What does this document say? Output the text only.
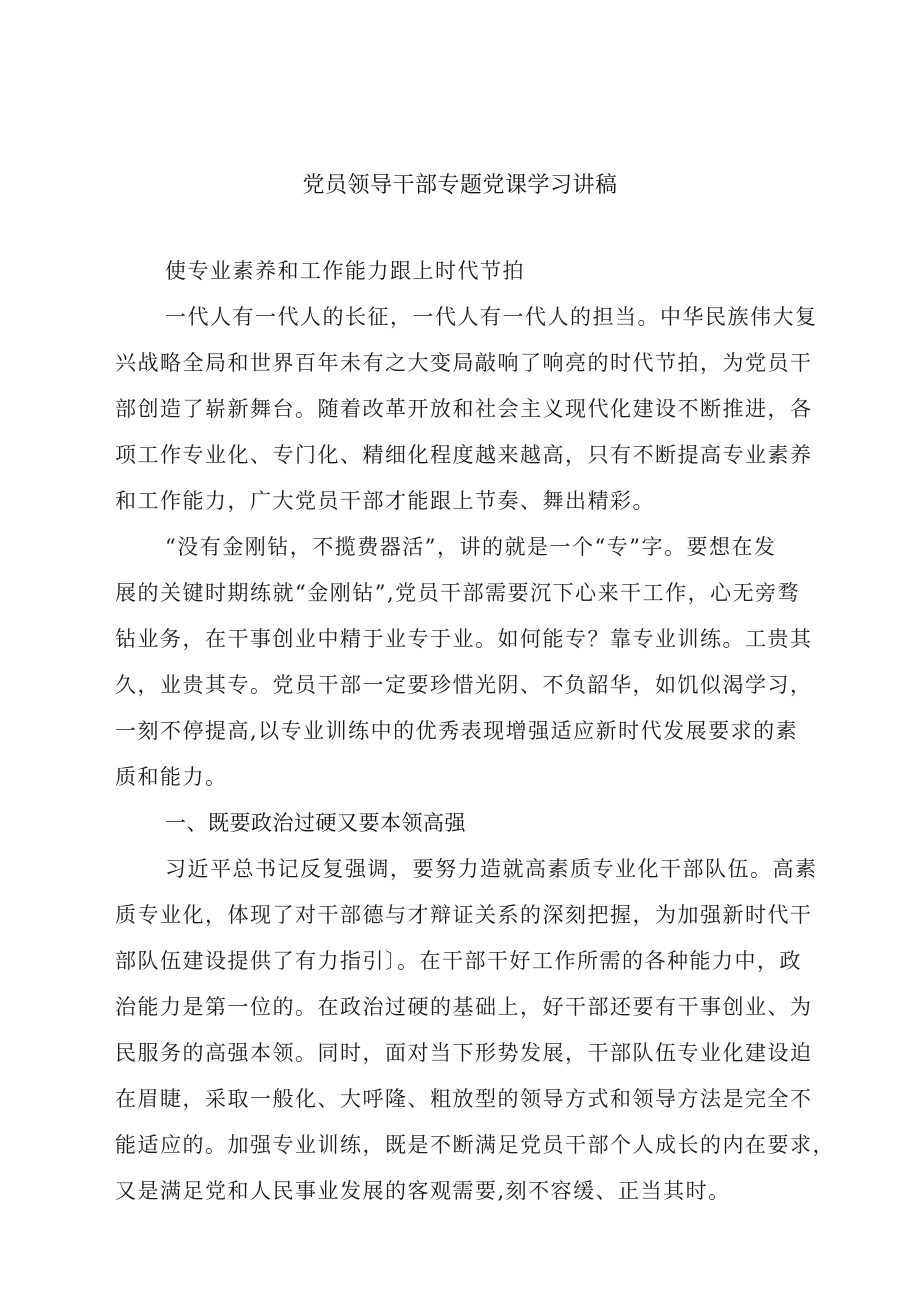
党员领导干部专题党课学习讲稿
使专业素养和工作能力跟上时代节拍
一代人有一代人的长征，一代人有一代人的担当。中华民族伟大复
兴战略全局和世界百年未有之大变局敲响了响亮的时代节拍，为党员干
部创造了崭新舞台。随着改革开放和社会主义现代化建设不断推进，各
项工作专业化、专门化、精细化程度越来越高，只有不断提高专业素养
和工作能力，广大党员干部才能跟上节奏、舞出精彩。
“没有金刚钻，不揽费器活”，讲的就是一个“专”字。要想在发
展的关键时期练就“金刚钻”,党员干部需要沉下心来干工作，心无旁骛
钻业务，在干事创业中精于业专于业。如何能专？靠专业训练。工贵其
久，业贵其专。党员干部一定要珍惜光阴、不负韶华，如饥似渴学习，
一刻不停提高,以专业训练中的优秀表现增强适应新时代发展要求的素
质和能力。
一、既要政治过硬又要本领高强
习近平总书记反复强调，要努力造就高素质专业化干部队伍。高素
质专业化，体现了对干部德与才辩证关系的深刻把握，为加强新时代干
部队伍建设提供了有力指引〕。在干部干好工作所需的各种能力中，政
治能力是第一位的。在政治过硬的基础上，好干部还要有干事创业、为
民服务的高强本领。同时，面对当下形势发展，干部队伍专业化建设迫
在眉睫，采取一般化、大呼隆、粗放型的领导方式和领导方法是完全不
能适应的。加强专业训练，既是不断满足党员干部个人成长的内在要求，
又是满足党和人民事业发展的客观需要,刻不容缓、正当其时。
